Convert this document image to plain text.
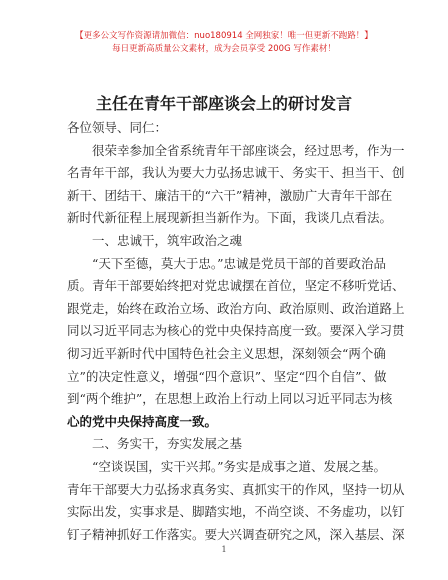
【更多公文写作资源请加微信：nuo180914 全网独家！唯一但更新不跑路！】
每日更新高质量公文素材，成为会员享受 200G 写作素材！
主任在青年干部座谈会上的研讨发言
各位领导、同仁：
很荣幸参加全省系统青年干部座谈会，经过思考，作为一
名青年干部，我认为要大力弘扬忠诚干、务实干、担当干、创
新干、团结干、廉洁干的“六干”精神，激励广大青年干部在
新时代新征程上展现新担当新作为。下面，我谈几点看法。
一、忠诚干，筑牢政治之魂
“天下至德，莫大于忠。”忠诚是党员干部的首要政治品
质。青年干部要始终把对党忠诚摆在首位，坚定不移听党话、
跟党走，始终在政治立场、政治方向、政治原则、政治道路上
同以习近平同志为核心的党中央保持高度一致。要深入学习贯
彻习近平新时代中国特色社会主义思想，深刻领会“两个确
立”的决定性意义，增强“四个意识”、坚定“四个自信”、做
到“两个维护”，在思想上政治上行动上同以习近平同志为核
心的党中央保持高度一致。
二、务实干，夯实发展之基
“空谈误国，实干兴邦。”务实是成事之道、发展之基。
青年干部要大力弘扬求真务实、真抓实干的作风，坚持一切从
实际出发，实事求是、脚踏实地，不尚空谈、不务虚功，以钉
钉子精神抓好工作落实。要大兴调查研究之风，深入基层、深
1
